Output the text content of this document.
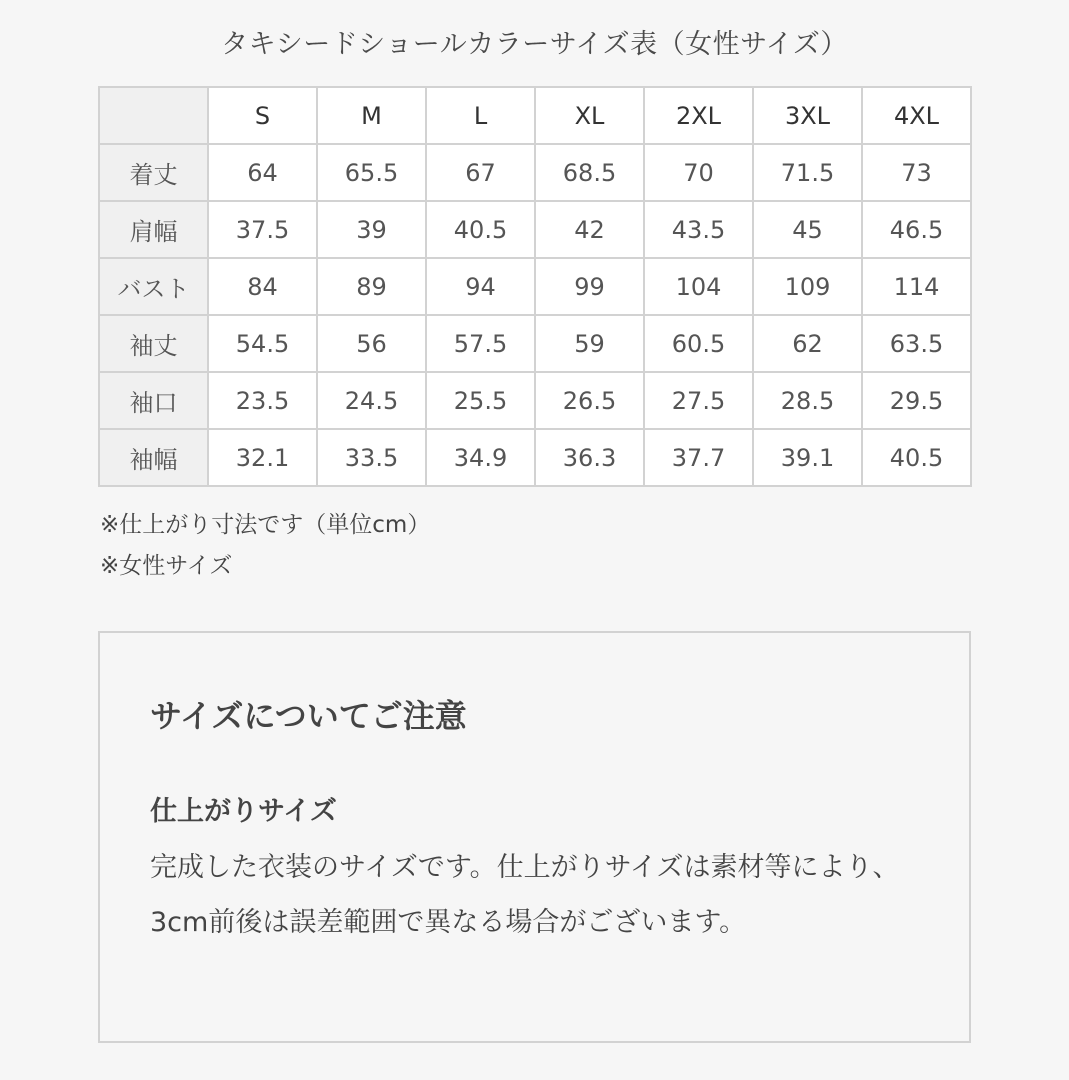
タキシードショールカラーサイズ表（女性サイズ）
	S	M	L	XL	2XL	3XL	4XL
着丈	64	65.5	67	68.5	70	71.5	73
肩幅	37.5	39	40.5	42	43.5	45	46.5
バスト	84	89	94	99	104	109	114
袖丈	54.5	56	57.5	59	60.5	62	63.5
袖口	23.5	24.5	25.5	26.5	27.5	28.5	29.5
袖幅	32.1	33.5	34.9	36.3	37.7	39.1	40.5
※仕上がり寸法です（単位cm）
※女性サイズ
サイズについてご注意
仕上がりサイズ
完成した衣装のサイズです。仕上がりサイズは素材等により、3cm前後は誤差範囲で異なる場合がございます。
